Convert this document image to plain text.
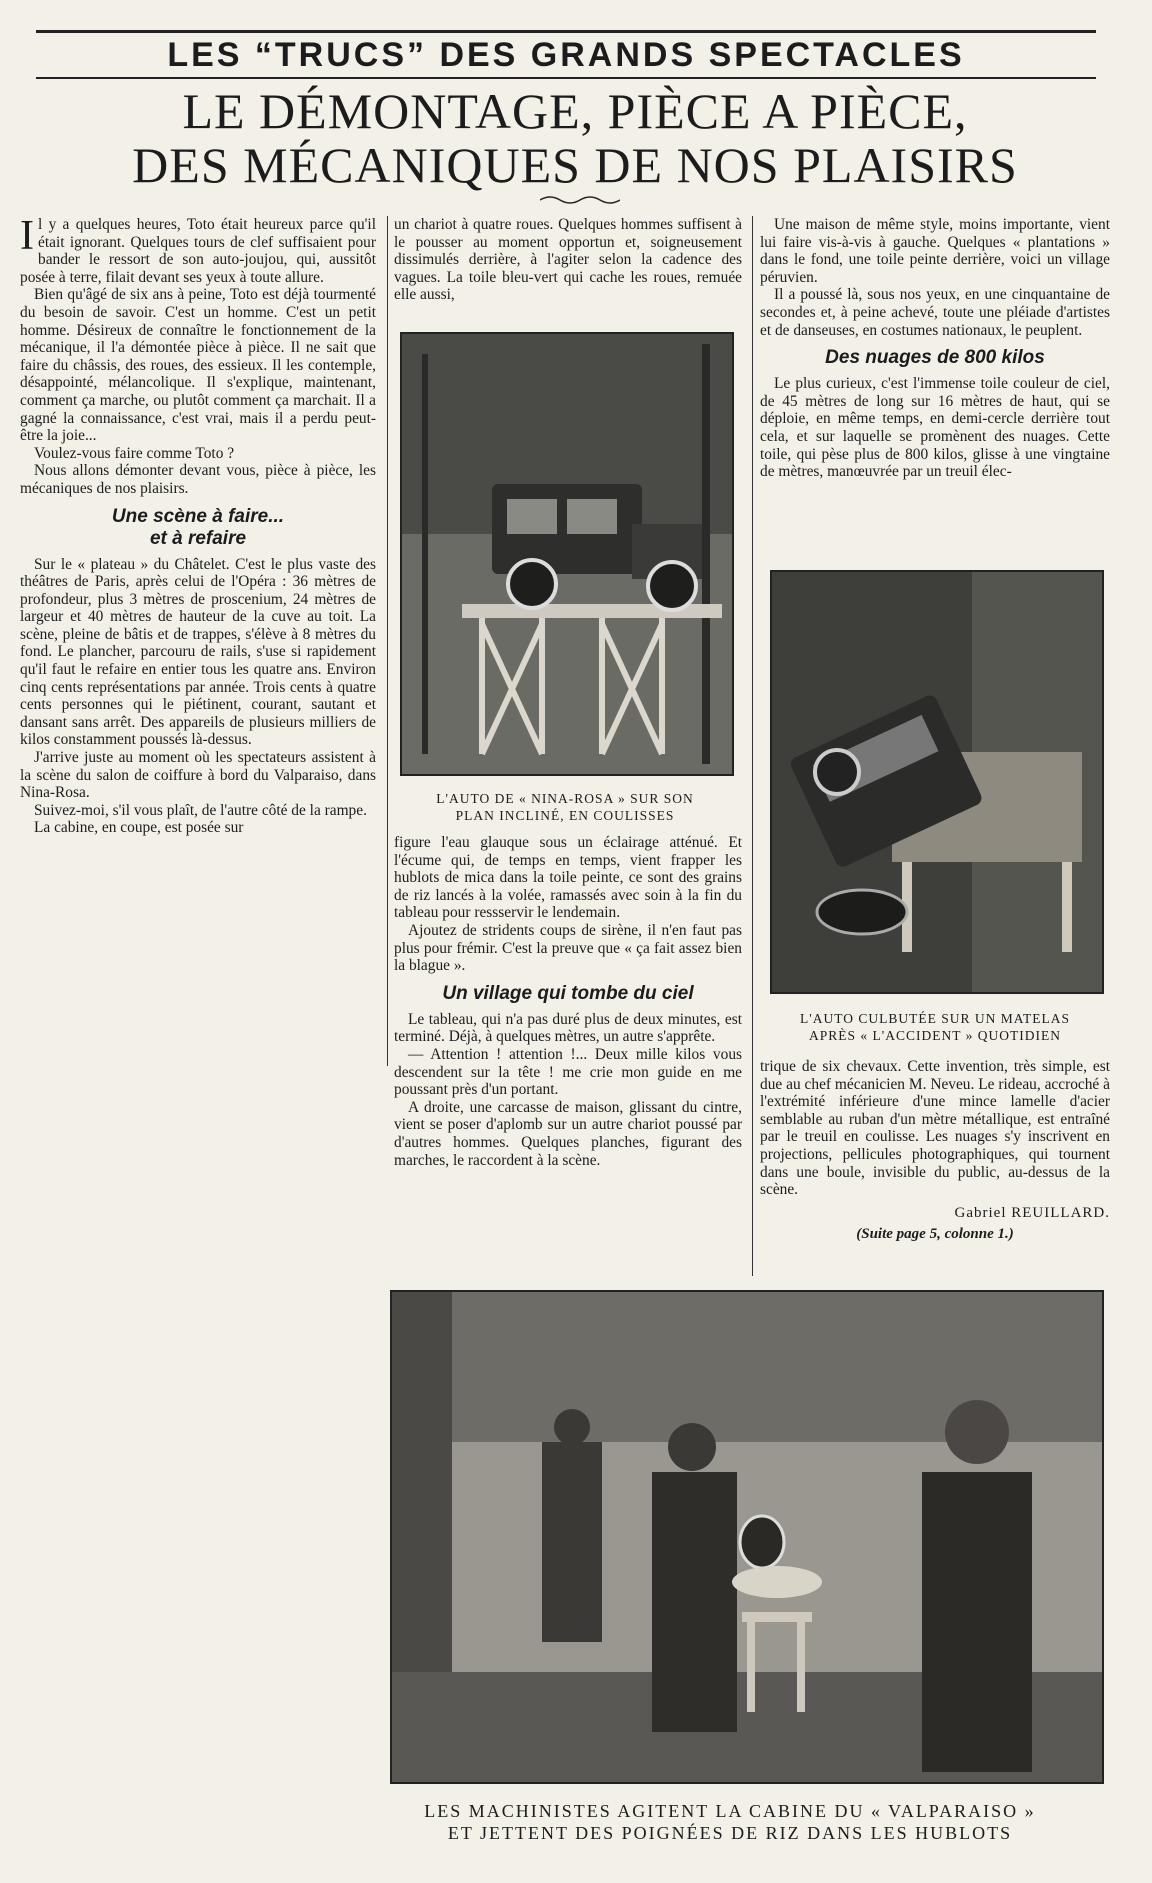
LES “TRUCS” DES GRANDS SPECTACLES
LE DÉMONTAGE, PIÈCE A PIÈCE,
DES MÉCANIQUES DE NOS PLAISIRS

Il y a quelques heures, Toto était heureux parce qu'il était ignorant. Quelques tours de clef suffisaient pour bander le ressort de son auto-joujou, qui, aussitôt posée à terre, filait devant ses yeux à toute allure.

Bien qu'âgé de six ans à peine, Toto est déjà tourmenté du besoin de savoir. C'est un homme. C'est un petit homme. Désireux de connaître le fonctionnement de la mécanique, il l'a démontée pièce à pièce. Il ne sait que faire du châssis, des roues, des essieux. Il les contemple, désappointé, mélancolique. Il s'explique, maintenant, comment ça marche, ou plutôt comment ça marchait. Il a gagné la connaissance, c'est vrai, mais il a perdu peut-être la joie...

Voulez-vous faire comme Toto ?

Nous allons démonter devant vous, pièce à pièce, les mécaniques de nos plaisirs.

Une scène à faire...
et à refaire

Sur le « plateau » du Châtelet. C'est le plus vaste des théâtres de Paris, après celui de l'Opéra : 36 mètres de profondeur, plus 3 mètres de proscenium, 24 mètres de largeur et 40 mètres de hauteur de la cuve au toit. La scène, pleine de bâtis et de trappes, s'élève à 8 mètres du fond. Le plancher, parcouru de rails, s'use si rapidement qu'il faut le refaire en entier tous les quatre ans. Environ cinq cents représentations par année. Trois cents à quatre cents personnes qui le piétinent, courant, sautant et dansant sans arrêt. Des appareils de plusieurs milliers de kilos constamment poussés là-dessus.

J'arrive juste au moment où les spectateurs assistent à la scène du salon de coiffure à bord du Valparaiso, dans Nina-Rosa.

Suivez-moi, s'il vous plaît, de l'autre côté de la rampe.

La cabine, en coupe, est posée sur

un chariot à quatre roues. Quelques hommes suffisent à le pousser au moment opportun et, soigneusement dissimulés derrière, à l'agiter selon la cadence des vagues. La toile bleu-vert qui cache les roues, remuée elle aussi,

L'AUTO DE « NINA-ROSA » SUR SON
PLAN INCLINÉ, EN COULISSES

figure l'eau glauque sous un éclairage atténué. Et l'écume qui, de temps en temps, vient frapper les hublots de mica dans la toile peinte, ce sont des grains de riz lancés à la volée, ramassés avec soin à la fin du tableau pour ressservir le lendemain.

Ajoutez de stridents coups de sirène, il n'en faut pas plus pour frémir. C'est la preuve que « ça fait assez bien la blague ».

Un village qui tombe du ciel

Le tableau, qui n'a pas duré plus de deux minutes, est terminé. Déjà, à quelques mètres, un autre s'apprête.

— Attention ! attention !... Deux mille kilos vous descendent sur la tête ! me crie mon guide en me poussant près d'un portant.

A droite, une carcasse de maison, glissant du cintre, vient se poser d'aplomb sur un autre chariot poussé par d'autres hommes. Quelques planches, figurant des marches, le raccordent à la scène.

Une maison de même style, moins importante, vient lui faire vis-à-vis à gauche. Quelques « plantations » dans le fond, une toile peinte derrière, voici un village péruvien.

Il a poussé là, sous nos yeux, en une cinquantaine de secondes et, à peine achevé, toute une pléiade d'artistes et de danseuses, en costumes nationaux, le peuplent.

Des nuages de 800 kilos

Le plus curieux, c'est l'immense toile couleur de ciel, de 45 mètres de long sur 16 mètres de haut, qui se déploie, en même temps, en demi-cercle derrière tout cela, et sur laquelle se promènent des nuages. Cette toile, qui pèse plus de 800 kilos, glisse à une vingtaine de mètres, manœuvrée par un treuil élec-

L'AUTO CULBUTÉE SUR UN MATELAS
APRÈS « L'ACCIDENT » QUOTIDIEN

trique de six chevaux. Cette invention, très simple, est due au chef mécanicien M. Neveu. Le rideau, accroché à l'extrémité inférieure d'une mince lamelle d'acier semblable au ruban d'un mètre métallique, est entraîné par le treuil en coulisse. Les nuages s'y inscrivent en projections, pellicules photographiques, qui tournent dans une boule, invisible du public, au-dessus de la scène.

Gabriel REUILLARD.
(Suite page 5, colonne 1.)
LES MACHINISTES AGITENT LA CABINE DU « VALPARAISO »
ET JETTENT DES POIGNÉES DE RIZ DANS LES HUBLOTS
